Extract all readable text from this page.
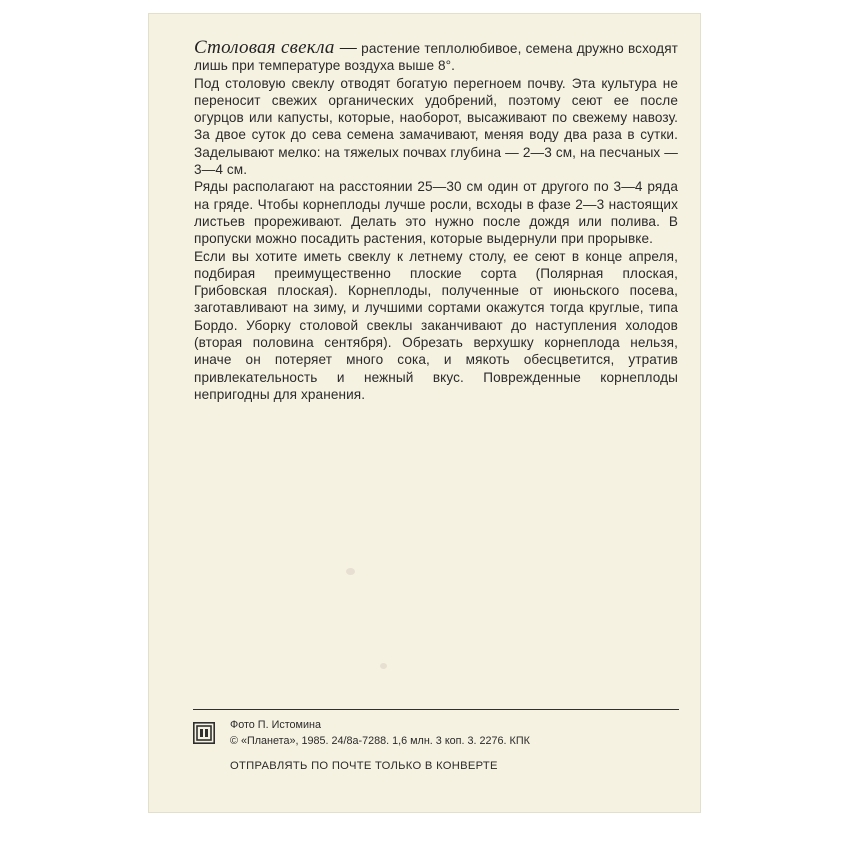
Столовая свекла — растение теплолюбивое, семена дружно всходят лишь при температуре воздуха выше 8°.

Под столовую свеклу отводят богатую перегноем почву. Эта культура не переносит свежих органических удобрений, поэтому сеют ее после огурцов или капусты, которые, наоборот, высаживают по свежему навозу. За двое суток до сева семена замачивают, меняя воду два раза в сутки. Заделывают мелко: на тяжелых почвах глубина — 2—3 см, на песчаных — 3—4 см.

Ряды располагают на расстоянии 25—30 см один от другого по 3—4 ряда на гряде. Чтобы корнеплоды лучше росли, всходы в фазе 2—3 настоящих листьев прореживают. Делать это нужно после дождя или полива. В пропуски можно посадить растения, которые выдернули при прорывке.

Если вы хотите иметь свеклу к летнему столу, ее сеют в конце апреля, подбирая преимущественно плоские сорта (Полярная плоская, Грибовская плоская). Корнеплоды, полученные от июньского посева, заготавливают на зиму, и лучшими сортами окажутся тогда круглые, типа Бордо. Уборку столовой свеклы заканчивают до наступления холодов (вторая половина сентября). Обрезать верхушку корнеплода нельзя, иначе он потеряет много сока, и мякоть обесцветится, утратив привлекательность и нежный вкус. Поврежденные корнеплоды непригодны для хранения.

Фото П. Истомина
© «Планета», 1985. 24/8а-7288. 1,6 млн. 3 коп. 3. 2276. КПК
ОТПРАВЛЯТЬ ПО ПОЧТЕ ТОЛЬКО В КОНВЕРТЕ
